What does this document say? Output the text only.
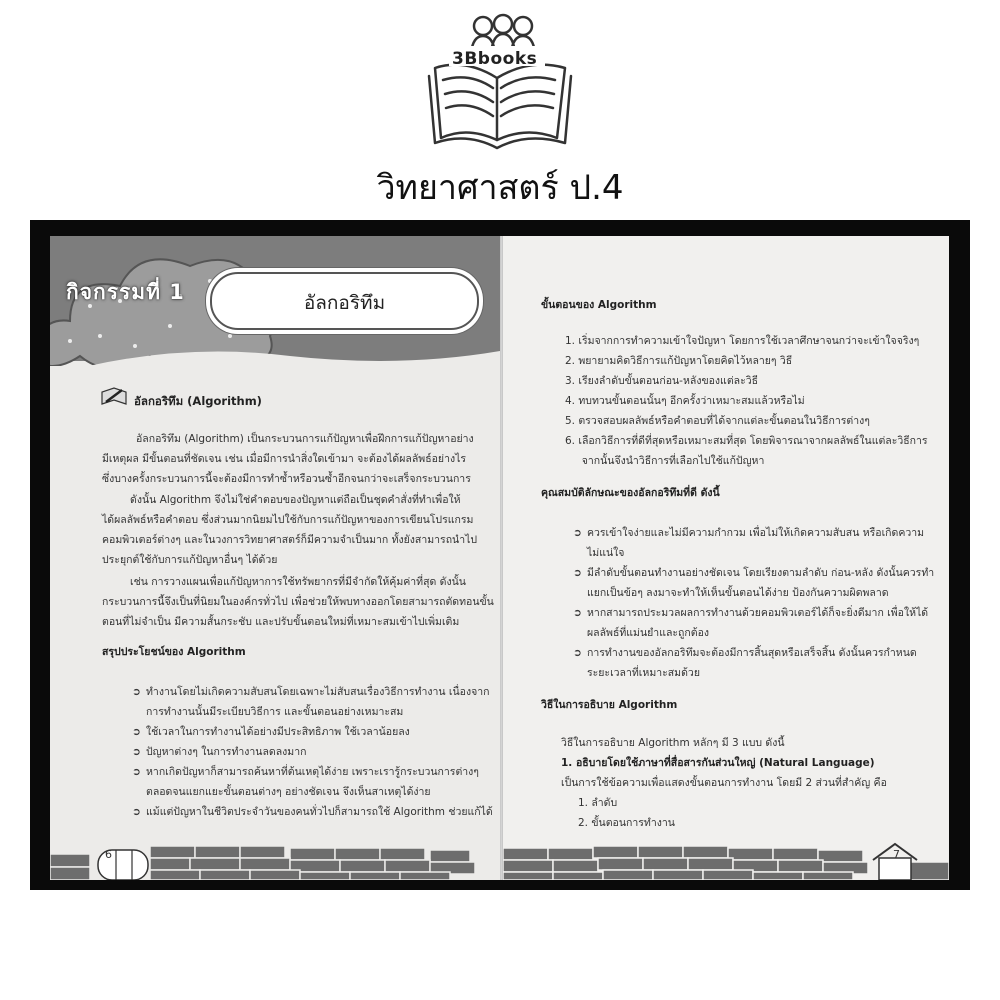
3Bbooks
วิทยาศาสตร์ ป.4
กิจกรรมที่ 1	อัลกอริทึม
อัลกอริทึม (Algorithm)
อัลกอริทึม (Algorithm) เป็นกระบวนการแก้ปัญหาเพื่อฝึกการแก้ปัญหาอย่าง
มีเหตุผล มีขั้นตอนที่ชัดเจน เช่น เมื่อมีการนำสิ่งใดเข้ามา จะต้องได้ผลลัพธ์อย่างไร
ซึ่งบางครั้งกระบวนการนี้จะต้องมีการทำซ้ำหรือวนซ้ำอีกจนกว่าจะเสร็จกระบวนการ
ดังนั้น Algorithm จึงไม่ใช่คำตอบของปัญหาแต่ถือเป็นชุดคำสั่งที่ทำเพื่อให้
ได้ผลลัพธ์หรือคำตอบ ซึ่งส่วนมากนิยมไปใช้กับการแก้ปัญหาของการเขียนโปรแกรม
คอมพิวเตอร์ต่างๆ และในวงการวิทยาศาสตร์ก็มีความจำเป็นมาก ทั้งยังสามารถนำไป
ประยุกต์ใช้กับการแก้ปัญหาอื่นๆ ได้ด้วย
เช่น การวางแผนเพื่อแก้ปัญหาการใช้ทรัพยากรที่มีจำกัดให้คุ้มค่าที่สุด ดังนั้น
กระบวนการนี้จึงเป็นที่นิยมในองค์กรทั่วไป เพื่อช่วยให้พบทางออกโดยสามารถตัดทอนขั้น
ตอนที่ไม่จำเป็น มีความสั้นกระชับ และปรับขั้นตอนใหม่ที่เหมาะสมเข้าไปเพิ่มเติม
สรุปประโยชน์ของ Algorithm
➲ ทำงานโดยไม่เกิดความสับสนโดยเฉพาะไม่สับสนเรื่องวิธีการทำงาน เนื่องจาก
การทำงานนั้นมีระเบียบวิธีการ และขั้นตอนอย่างเหมาะสม
➲ ใช้เวลาในการทำงานได้อย่างมีประสิทธิภาพ ใช้เวลาน้อยลง
➲ ปัญหาต่างๆ ในการทำงานลดลงมาก
➲ หากเกิดปัญหาก็สามารถค้นหาที่ต้นเหตุได้ง่าย เพราะเรารู้กระบวนการต่างๆ
ตลอดจนแยกแยะขั้นตอนต่างๆ อย่างชัดเจน จึงเห็นสาเหตุได้ง่าย
➲ แม้แต่ปัญหาในชีวิตประจำวันของคนทั่วไปก็สามารถใช้ Algorithm ช่วยแก้ได้
6
ขั้นตอนของ Algorithm
1. เริ่มจากการทำความเข้าใจปัญหา โดยการใช้เวลาศึกษาจนกว่าจะเข้าใจจริงๆ
2. พยายามคิดวิธีการแก้ปัญหาโดยคิดไว้หลายๆ วิธี
3. เรียงลำดับขั้นตอนก่อน-หลังของแต่ละวิธี
4. ทบทวนขั้นตอนนั้นๆ อีกครั้งว่าเหมาะสมแล้วหรือไม่
5. ตรวจสอบผลลัพธ์หรือคำตอบที่ได้จากแต่ละขั้นตอนในวิธีการต่างๆ
6. เลือกวิธีการที่ดีที่สุดหรือเหมาะสมที่สุด โดยพิจารณาจากผลลัพธ์ในแต่ละวิธีการ
จากนั้นจึงนำวิธีการที่เลือกไปใช้แก้ปัญหา
คุณสมบัติลักษณะของอัลกอริทึมที่ดี ดังนี้
➲ ควรเข้าใจง่ายและไม่มีความกำกวม เพื่อไม่ให้เกิดความสับสน หรือเกิดความ
ไม่แน่ใจ
➲ มีลำดับขั้นตอนทำงานอย่างชัดเจน โดยเรียงตามลำดับ ก่อน-หลัง ดังนั้นควรทำ
แยกเป็นข้อๆ ลงมาจะทำให้เห็นขั้นตอนได้ง่าย ป้องกันความผิดพลาด
➲ หากสามารถประมวลผลการทำงานด้วยคอมพิวเตอร์ได้ก็จะยิ่งดีมาก เพื่อให้ได้
ผลลัพธ์ที่แม่นยำและถูกต้อง
➲ การทำงานของอัลกอริทึมจะต้องมีการสิ้นสุดหรือเสร็จสิ้น ดังนั้นควรกำหนด
ระยะเวลาที่เหมาะสมด้วย
วิธีในการอธิบาย Algorithm
วิธีในการอธิบาย Algorithm หลักๆ มี 3 แบบ ดังนี้
1. อธิบายโดยใช้ภาษาที่สื่อสารกันส่วนใหญ่ (Natural Language)
เป็นการใช้ข้อความเพื่อแสดงขั้นตอนการทำงาน โดยมี 2 ส่วนที่สำคัญ คือ
1. ลำดับ
2. ขั้นตอนการทำงาน
7
